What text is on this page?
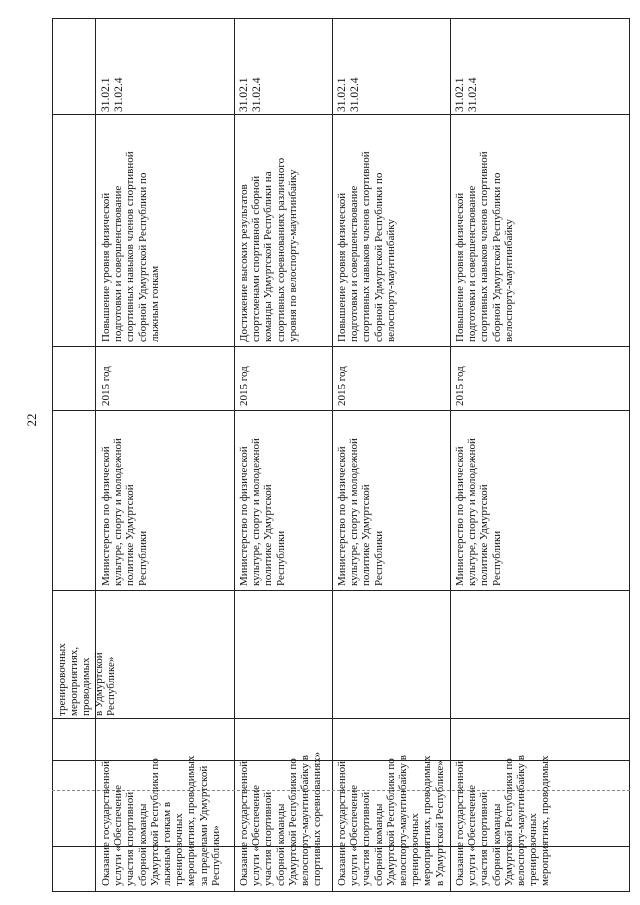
22
тренировочных
мероприятиях, проводимых
в Удмуртской Республике»
31.02.1
31.02.4
Повышение уровня физической
подготовки и совершенствование
спортивных навыков членов спортивной
сборной Удмуртской Республики по
лыжным гонкам
2015 год
Министерство по физической
культуре, спорту и молодежной
политике Удмуртской
Республики
Оказание государственной
услуги «Обеспечение
участия спортивной
сборной команды
Удмуртской Республики по
лыжным гонкам в
тренировочных
мероприятиях, проводимых
за пределами Удмуртской
Республики»
31.02.1
31.02.4
Достижение высоких результатов
спортсменами спортивной сборной
команды Удмуртской Республики на
спортивных соревнованиях различного
уровня по велоспорту-маунтинбайку
2015 год
Министерство по физической
культуре, спорту и молодежной
политике Удмуртской
Республики
Оказание государственной
услуги «Обеспечение
участия спортивной
сборной команды
Удмуртской Республики по
велоспорту-маунтинбайку в
спортивных соревнованиях»
31.02.1
31.02.4
Повышение уровня физической
подготовки и совершенствование
спортивных навыков членов спортивной
сборной Удмуртской Республики по
велоспорту-маунтинбайку
2015 год
Министерство по физической
культуре, спорту и молодежной
политике Удмуртской
Республики
Оказание государственной
услуги «Обеспечение
участия спортивной
сборной команды
Удмуртской Республики по
велоспорту-маунтинбайку в
тренировочных
мероприятиях, проводимых
в Удмуртской Республике»
31.02.1
31.02.4
Повышение уровня физической
подготовки и совершенствование
спортивных навыков членов спортивной
сборной Удмуртской Республики по
велоспорту-маунтинбайку
2015 год
Министерство по физической
культуре, спорту и молодежной
политике Удмуртской
Республики
Оказание государственной
услуги «Обеспечение
участия спортивной
сборной команды
Удмуртской Республики по
велоспорту-маунтинбайку в
тренировочных
мероприятиях, проводимых
